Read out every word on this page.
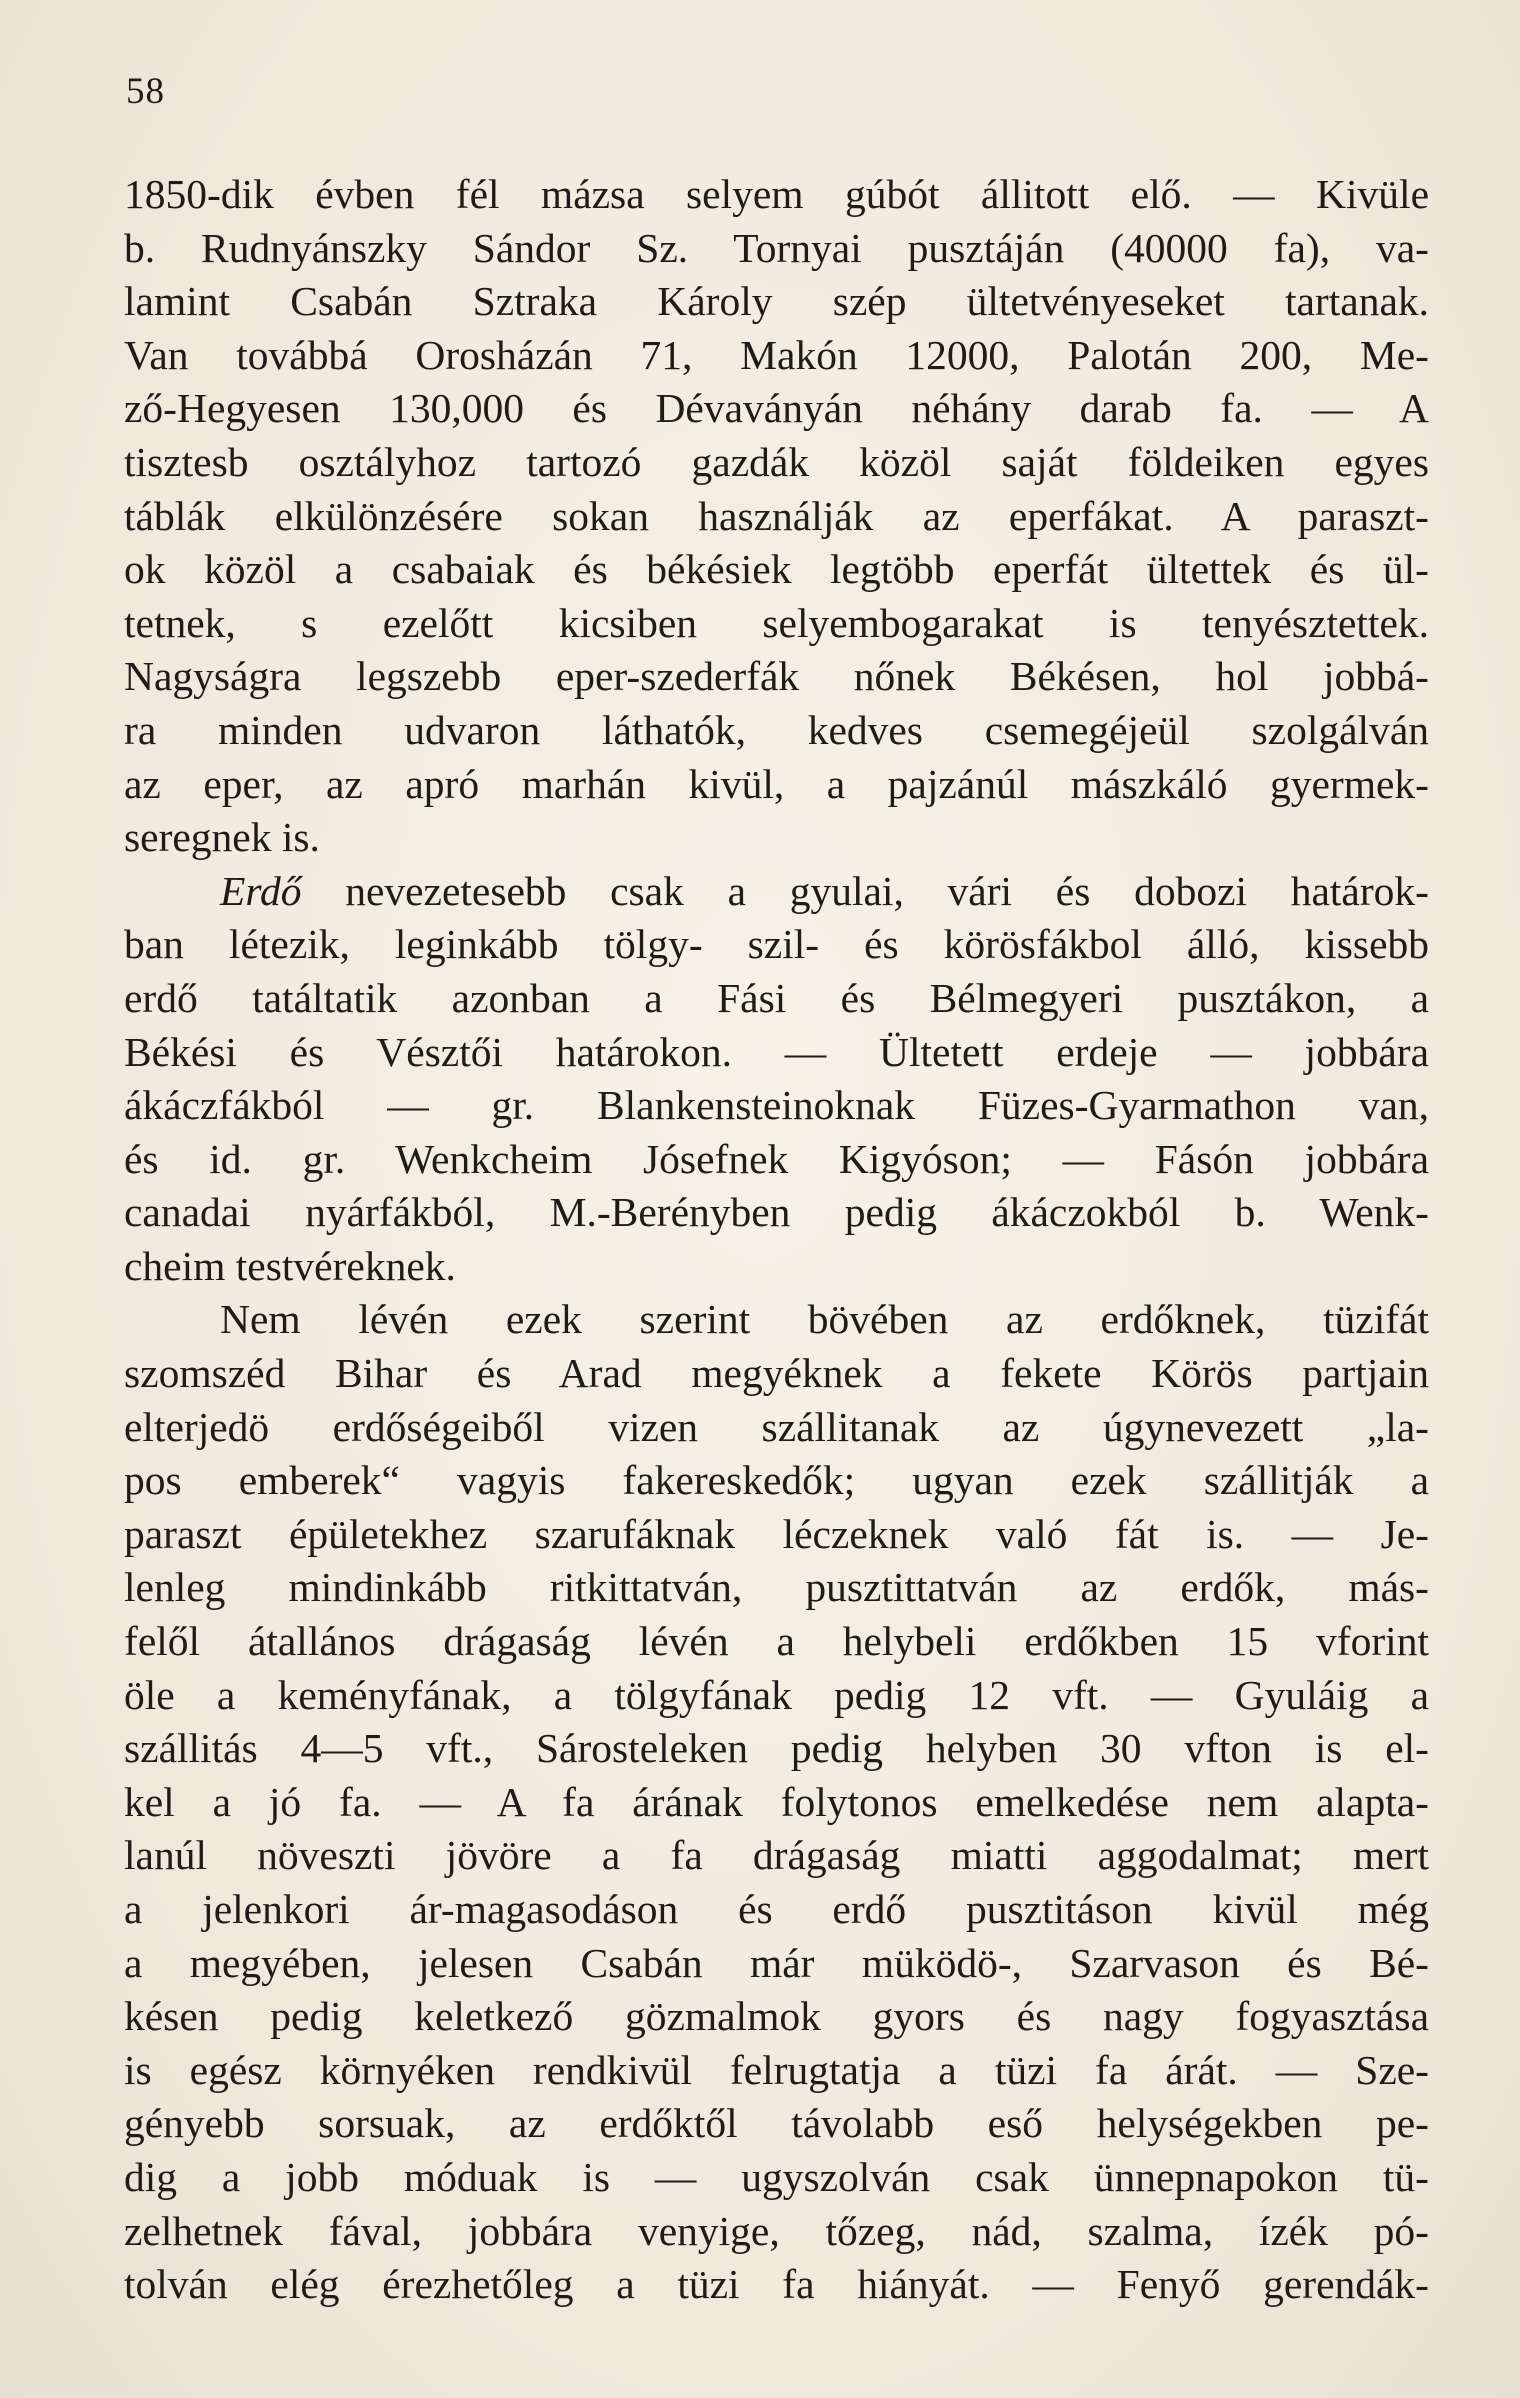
58
1850-dik évben fél mázsa selyem gúbót állitott elő. — Kivüle
b. Rudnyánszky Sándor Sz. Tornyai pusztáján (40000 fa), va-
lamint Csabán Sztraka Károly szép ültetvényeseket tartanak.
Van továbbá Orosházán 71, Makón 12000, Palotán 200, Me-
ző-Hegyesen 130,000 és Dévaványán néhány darab fa. — A
tisztesb osztályhoz tartozó gazdák közöl saját földeiken egyes
táblák elkülönzésére sokan használják az eperfákat. A paraszt-
ok közöl a csabaiak és békésiek legtöbb eperfát ültettek és ül-
tetnek, s ezelőtt kicsiben selyembogarakat is tenyésztettek.
Nagyságra legszebb eper-szederfák nőnek Békésen, hol jobbá-
ra minden udvaron láthatók, kedves csemegéjeül szolgálván
az eper, az apró marhán kivül, a pajzánúl mászkáló gyermek-
seregnek is.
Erdő nevezetesebb csak a gyulai, vári és dobozi határok-
ban létezik, leginkább tölgy- szil- és körösfákbol álló, kissebb
erdő tatáltatik azonban a Fási és Bélmegyeri pusztákon, a
Békési és Vésztői határokon. — Ültetett erdeje — jobbára
ákáczfákból — gr. Blankensteinoknak Füzes-Gyarmathon van,
és id. gr. Wenkcheim Jósefnek Kigyóson; — Fásón jobbára
canadai nyárfákból, M.-Berényben pedig ákáczokból b. Wenk-
cheim testvéreknek.
Nem lévén ezek szerint bövében az erdőknek, tüzifát
szomszéd Bihar és Arad megyéknek a fekete Körös partjain
elterjedö erdőségeiből vizen szállitanak az úgynevezett „la-
pos emberek“ vagyis fakereskedők; ugyan ezek szállitják a
paraszt épületekhez szarufáknak léczeknek való fát is. — Je-
lenleg mindinkább ritkittatván, pusztittatván az erdők, más-
felől átallános drágaság lévén a helybeli erdőkben 15 vforint
öle a keményfának, a tölgyfának pedig 12 vft. — Gyuláig a
szállitás 4—5 vft., Sárosteleken pedig helyben 30 vfton is el-
kel a jó fa. — A fa árának folytonos emelkedése nem alapta-
lanúl növeszti jövöre a fa drágaság miatti aggodalmat; mert
a jelenkori ár-magasodáson és erdő pusztitáson kivül még
a megyében, jelesen Csabán már müködö-, Szarvason és Bé-
késen pedig keletkező gözmalmok gyors és nagy fogyasztása
is egész környéken rendkivül felrugtatja a tüzi fa árát. — Sze-
gényebb sorsuak, az erdőktől távolabb eső helységekben pe-
dig a jobb móduak is — ugyszolván csak ünnepnapokon tü-
zelhetnek fával, jobbára venyige, tőzeg, nád, szalma, ízék pó-
tolván elég érezhetőleg a tüzi fa hiányát. — Fenyő gerendák-
